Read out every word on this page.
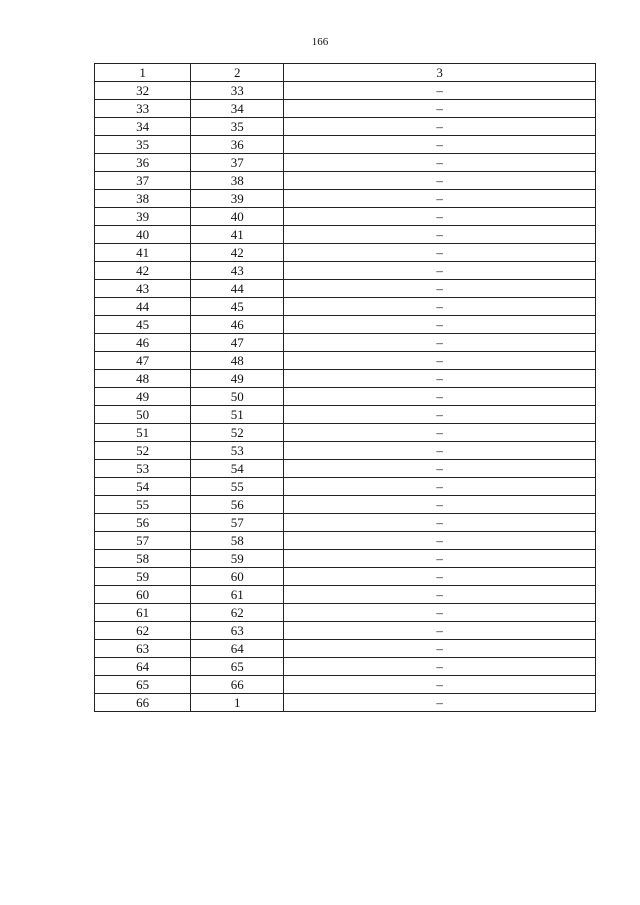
166
1	2	3
32	33	–
33	34	–
34	35	–
35	36	–
36	37	–
37	38	–
38	39	–
39	40	–
40	41	–
41	42	–
42	43	–
43	44	–
44	45	–
45	46	–
46	47	–
47	48	–
48	49	–
49	50	–
50	51	–
51	52	–
52	53	–
53	54	–
54	55	–
55	56	–
56	57	–
57	58	–
58	59	–
59	60	–
60	61	–
61	62	–
62	63	–
63	64	–
64	65	–
65	66	–
66	1	–
